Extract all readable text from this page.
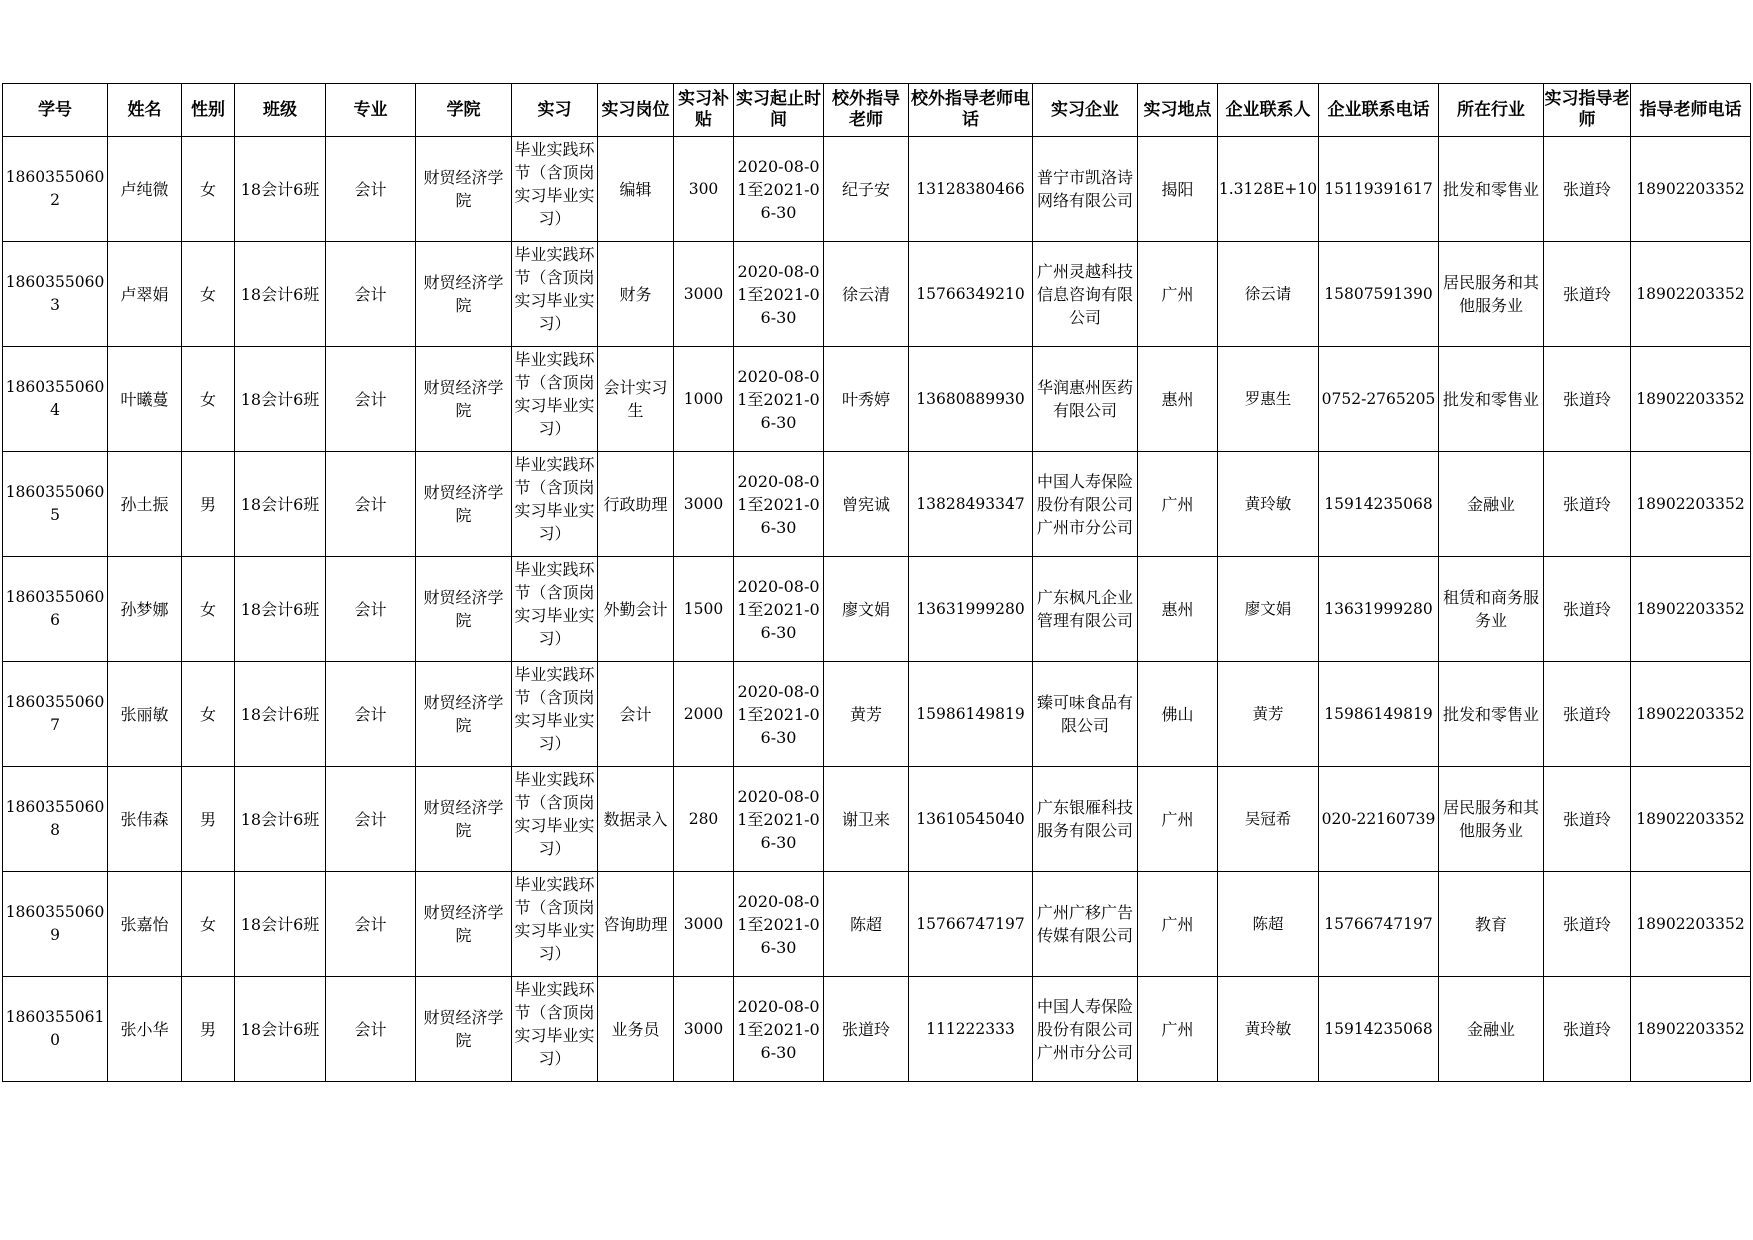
学号	姓名	性别	班级	专业	学院	实习	实习岗位	实习补贴	实习起止时间	校外指导老师	校外指导老师电话	实习企业	实习地点	企业联系人	企业联系电话	所在行业	实习指导老师	指导老师电话

18603550602	卢纯微	女	18会计6班	会计	财贸经济学院	毕业实践环节（含顶岗实习毕业实习）	编辑	300	2020-08-01至2021-06-30	纪子安	13128380466	普宁市凯洛诗网络有限公司	揭阳	1.3128E+10	15119391617	批发和零售业	张道玲	18902203352

18603550603	卢翠娟	女	18会计6班	会计	财贸经济学院	毕业实践环节（含顶岗实习毕业实习）	财务	3000	2020-08-01至2021-06-30	徐云清	15766349210	广州灵越科技信息咨询有限公司	广州	徐云请	15807591390	居民服务和其他服务业	张道玲	18902203352

18603550604	叶曦蔓	女	18会计6班	会计	财贸经济学院	毕业实践环节（含顶岗实习毕业实习）	会计实习生	1000	2020-08-01至2021-06-30	叶秀婷	13680889930	华润惠州医药有限公司	惠州	罗惠生	0752-2765205	批发和零售业	张道玲	18902203352

18603550605	孙土振	男	18会计6班	会计	财贸经济学院	毕业实践环节（含顶岗实习毕业实习）	行政助理	3000	2020-08-01至2021-06-30	曾宪诚	13828493347	中国人寿保险股份有限公司广州市分公司	广州	黄玲敏	15914235068	金融业	张道玲	18902203352

18603550606	孙梦娜	女	18会计6班	会计	财贸经济学院	毕业实践环节（含顶岗实习毕业实习）	外勤会计	1500	2020-08-01至2021-06-30	廖文娟	13631999280	广东枫凡企业管理有限公司	惠州	廖文娟	13631999280	租赁和商务服务业	张道玲	18902203352

18603550607	张丽敏	女	18会计6班	会计	财贸经济学院	毕业实践环节（含顶岗实习毕业实习）	会计	2000	2020-08-01至2021-06-30	黄芳	15986149819	臻可味食品有限公司	佛山	黄芳	15986149819	批发和零售业	张道玲	18902203352

18603550608	张伟森	男	18会计6班	会计	财贸经济学院	毕业实践环节（含顶岗实习毕业实习）	数据录入	280	2020-08-01至2021-06-30	谢卫来	13610545040	广东银雁科技服务有限公司	广州	吴冠希	020-22160739	居民服务和其他服务业	张道玲	18902203352

18603550609	张嘉怡	女	18会计6班	会计	财贸经济学院	毕业实践环节（含顶岗实习毕业实习）	咨询助理	3000	2020-08-01至2021-06-30	陈超	15766747197	广州广移广告传媒有限公司	广州	陈超	15766747197	教育	张道玲	18902203352

18603550610	张小华	男	18会计6班	会计	财贸经济学院	毕业实践环节（含顶岗实习毕业实习）	业务员	3000	2020-08-01至2021-06-30	张道玲	111222333	中国人寿保险股份有限公司广州市分公司	广州	黄玲敏	15914235068	金融业	张道玲	18902203352
